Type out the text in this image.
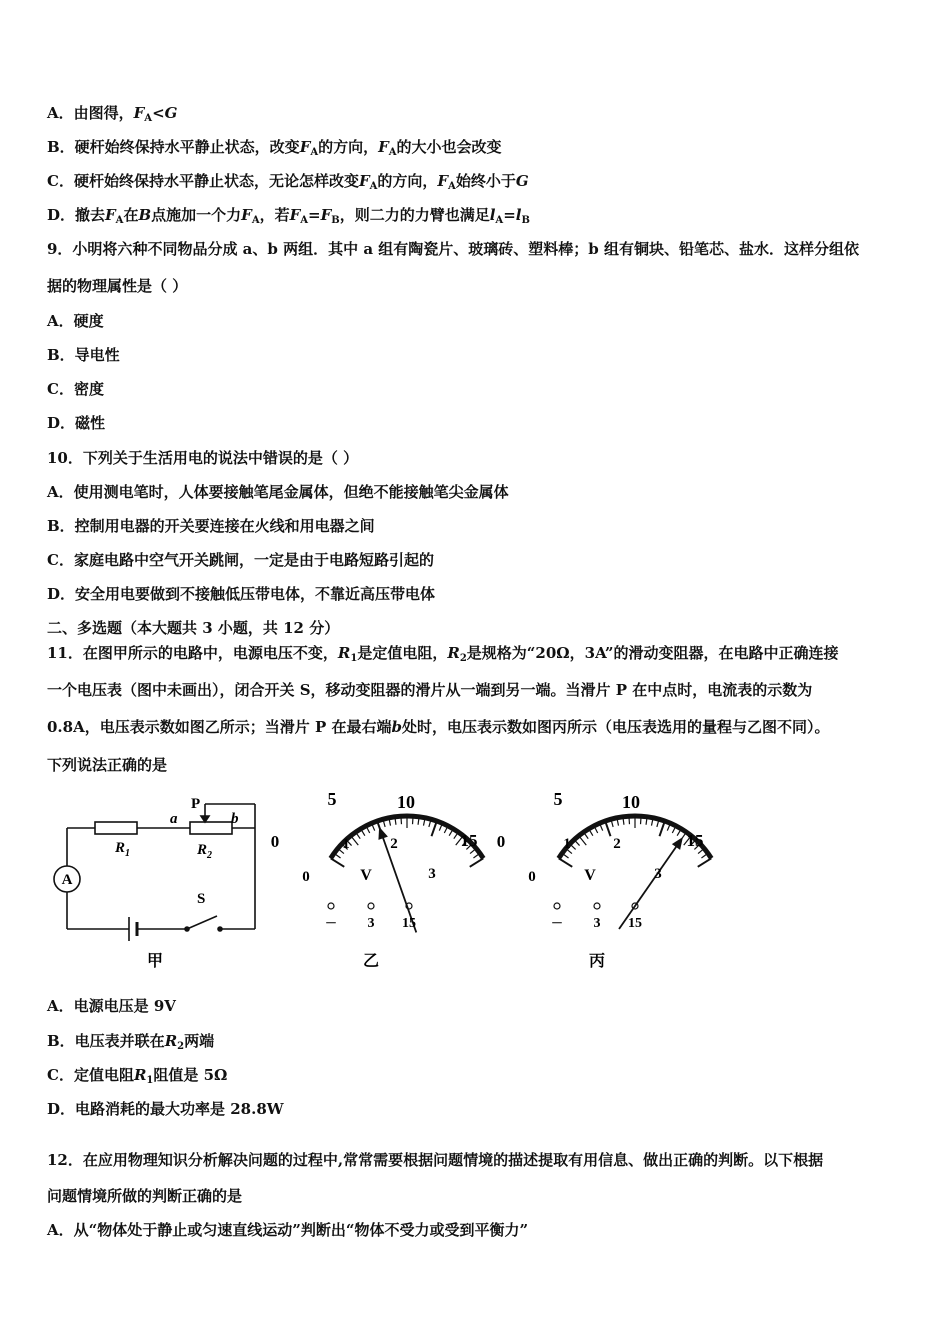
A．由图得，$F_A<G$
B．硬杆始终保持水平静止状态，改变$F_A$的方向，$F_A$的大小也会改变
C．硬杆始终保持水平静止状态，无论怎样改变$F_A$的方向，$F_A$始终小于G
D．撤去$F_A$在B点施加一个力$F_A$，若$F_A=F_B$，则二力的力臂也满足$l_A=l_B$
9．小明将六种不同物品分成 a、b 两组．其中 a 组有陶瓷片、玻璃砖、塑料棒；b 组有铜块、铅笔芯、盐水．这样分组依
据的物理属性是（ ）
A．硬度
B．导电性
C．密度
D．磁性
10．下列关于生活用电的说法中错误的是（ ）
A．使用测电笔时，人体要接触笔尾金属体，但绝不能接触笔尖金属体
B．控制用电器的开关要连接在火线和用电器之间
C．家庭电路中空气开关跳闸，一定是由于电路短路引起的
D．安全用电要做到不接触低压带电体，不靠近高压带电体
二、多选题（本大题共 3 小题，共 12 分）
11．在图甲所示的电路中，电源电压不变，$R_1$是定值电阻，$R_2$是规格为“20Ω，3A”的滑动变阻器，在电路中正确连接
一个电压表（图中未画出），闭合开关 S，移动变阻器的滑片从一端到另一端。当滑片 P 在中点时，电流表的示数为
0.8A，电压表示数如图乙所示；当滑片 P 在最右端b处时，电压表示数如图丙所示（电压表选用的量程与乙图不同）。
下列说法正确的是
A
$R_1$	$R_2$
P
a	b
S
甲
5	10
0	15
0
1	2
3
V
－ 3 15
乙
5	10
0	15
0
1	2
3
V
－ 3 15
丙
A．电源电压是 9V
B．电压表并联在$R_2$两端
C．定值电阻$R_1$阻值是 5Ω
D．电路消耗的最大功率是 28.8W
12．在应用物理知识分析解决问题的过程中,常常需要根据问题情境的描述提取有用信息、做出正确的判断。以下根据
问题情境所做的判断正确的是
A．从“物体处于静止或匀速直线运动”判断出“物体不受力或受到平衡力”
